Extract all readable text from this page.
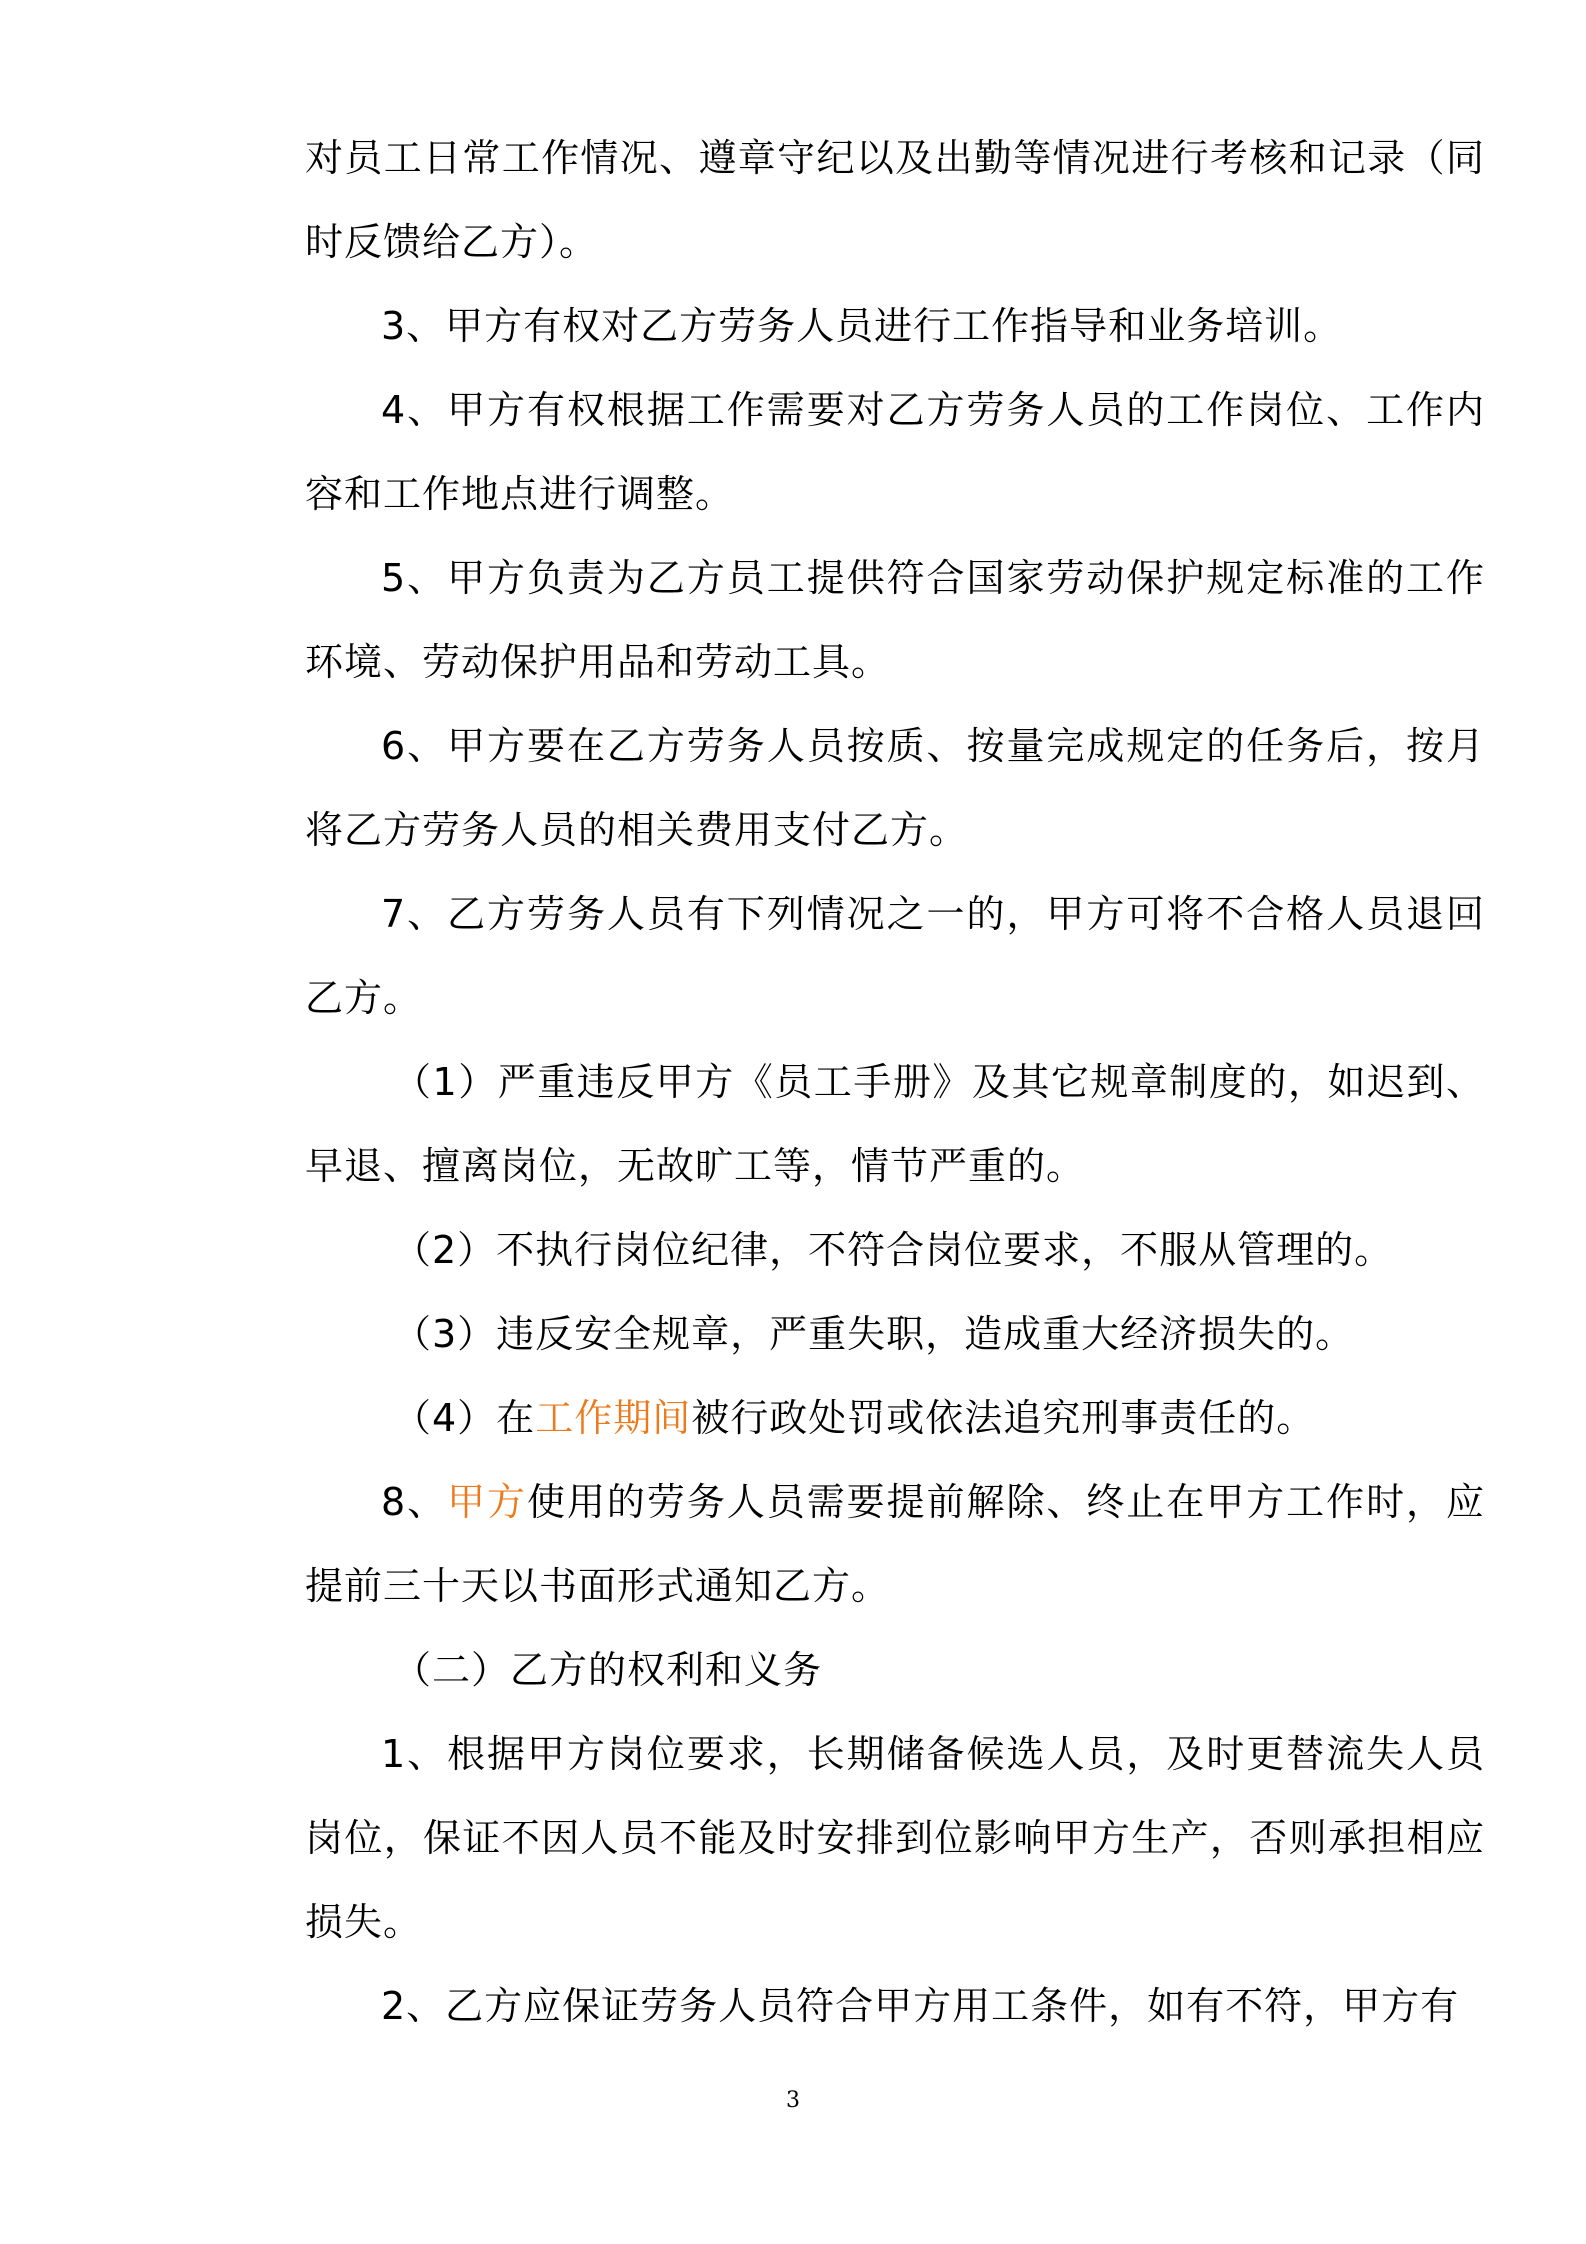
对员工日常工作情况、遵章守纪以及出勤等情况进行考核和记录（同时反馈给乙方）。

3、甲方有权对乙方劳务人员进行工作指导和业务培训。

4、甲方有权根据工作需要对乙方劳务人员的工作岗位、工作内容和工作地点进行调整。

5、甲方负责为乙方员工提供符合国家劳动保护规定标准的工作环境、劳动保护用品和劳动工具。

6、甲方要在乙方劳务人员按质、按量完成规定的任务后，按月将乙方劳务人员的相关费用支付乙方。

7、乙方劳务人员有下列情况之一的，甲方可将不合格人员退回乙方。

（1）严重违反甲方《员工手册》及其它规章制度的，如迟到、早退、擅离岗位，无故旷工等，情节严重的。

（2）不执行岗位纪律，不符合岗位要求，不服从管理的。

（3）违反安全规章，严重失职，造成重大经济损失的。

（4）在工作期间被行政处罚或依法追究刑事责任的。

8、甲方使用的劳务人员需要提前解除、终止在甲方工作时，应提前三十天以书面形式通知乙方。

（二）乙方的权利和义务

1、根据甲方岗位要求，长期储备候选人员，及时更替流失人员岗位，保证不因人员不能及时安排到位影响甲方生产，否则承担相应损失。

2、乙方应保证劳务人员符合甲方用工条件，如有不符，甲方有

3
